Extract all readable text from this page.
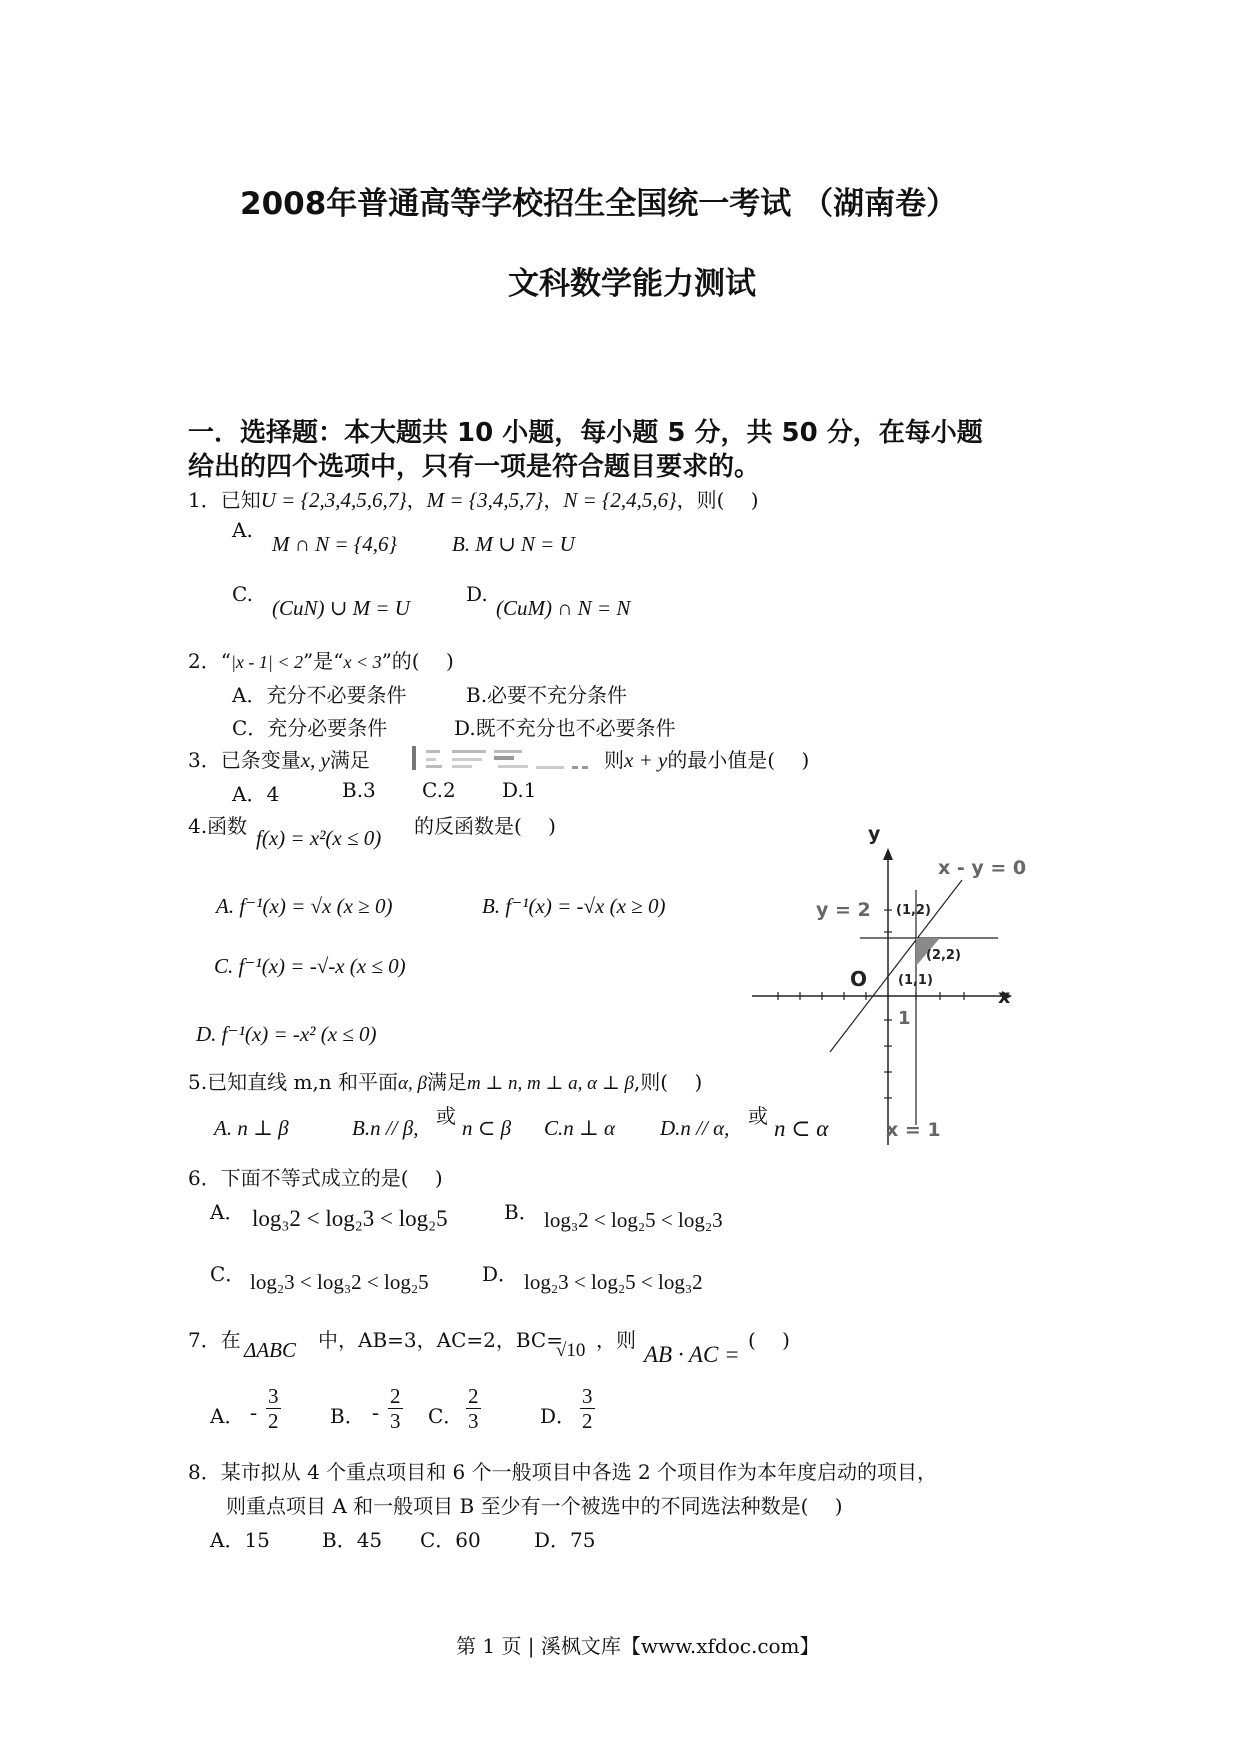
2008年普通高等学校招生全国统一考试 （湖南卷）
文科数学能力测试
一．选择题：本大题共 10 小题，每小题 5 分，共 50 分，在每小题
给出的四个选项中，只有一项是符合题目要求的。
1．已知U = {2,3,4,5,6,7}，M = {3,4,5,7}，N = {2,4,5,6}，则(　 )
A.
M ∩ N = {4,6}	B. M ∪ N = U
C.
(CuN) ∪ M = U
D.
(CuM) ∩ N = N
2．“|x - 1| < 2”是“x < 3”的(　 )
A．充分不必要条件	B.必要不充分条件
C．充分必要条件	D.既不充分也不必要条件
3．已条变量x, y满足	则x + y的最小值是(　 )
A．4	B.3 C.2 D.1
4.函数 f(x) = x²(x ≤ 0) 的反函数是(　 )
A. f⁻¹(x) = √x (x ≥ 0)	B. f⁻¹(x) = -√x (x ≥ 0)
C. f⁻¹(x) = -√-x (x ≤ 0)
D. f⁻¹(x) = -x² (x ≤ 0)
y
x
x - y = 0
y = 2
x = 1
O
1
(1,2)
(2,2)
(1,1)
5.已知直线 m,n 和平面α, β满足m ⊥ n, m ⊥ a, α ⊥ β,则(　 )
A. n ⊥ β	B.n // β, 或 n ⊂ β C.n ⊥ α D.n // α, 或 n ⊂ α
6．下面不等式成立的是(　 )
A． log₃2 < log₂3 < log₂5	B． log₃2 < log₂5 < log₂3
C． log₂3 < log₃2 < log₂5	D． log₂3 < log₂5 < log₃2
7．在 ΔABC 中，AB=3，AC=2，BC=
√10 ，则
AB · AC =
(　 )
A． - $\frac{3}{2}$ B． - $\frac{2}{3}$ C． $\frac{2}{3}$	D． $\frac{3}{2}$
8．某市拟从 4 个重点项目和 6 个一般项目中各选 2 个项目作为本年度启动的项目，
则重点项目 A 和一般项目 B 至少有一个被选中的不同选法种数是(　 )
A．15	B．45 C．60	D．75
第 1 页 | 溪枫文库【www.xfdoc.com】
